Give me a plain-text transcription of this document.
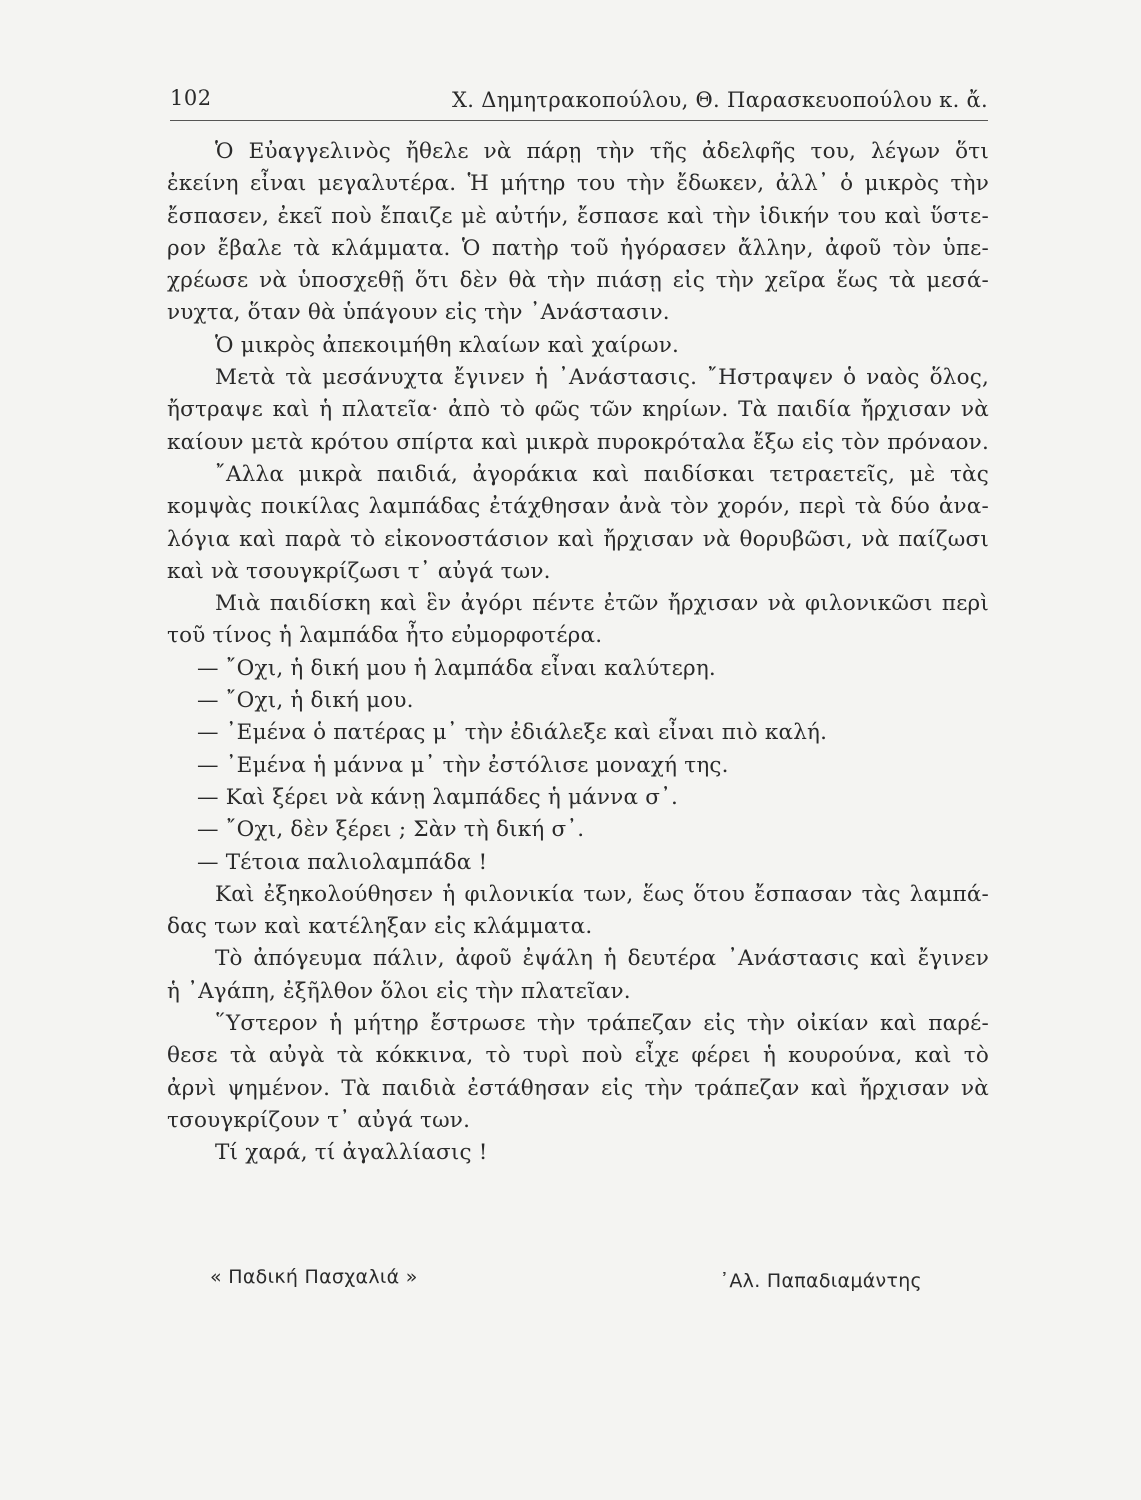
102	Χ. Δημητρακοπούλου, Θ. Παρασκευοπούλου κ. ἄ.
Ὁ Εὐαγγελινὸς ἤθελε νὰ πάρῃ τὴν τῆς ἀδελφῆς του, λέγων ὅτι
ἐκείνη εἶναι μεγαλυτέρα. Ἡ μήτηρ του τὴν ἔδωκεν, ἀλλ᾽ ὁ μικρὸς τὴν
ἔσπασεν, ἐκεῖ ποὺ ἔπαιζε μὲ αὐτήν, ἔσπασε καὶ τὴν ἰδικήν του καὶ ὕστε-
ρον ἔβαλε τὰ κλάμματα. Ὁ πατὴρ τοῦ ἠγόρασεν ἄλλην, ἀφοῦ τὸν ὑπε-
χρέωσε νὰ ὑποσχεθῇ ὅτι δὲν θὰ τὴν πιάσῃ εἰς τὴν χεῖρα ἕως τὰ μεσά-
νυχτα, ὅταν θὰ ὑπάγουν εἰς τὴν ᾽Ανάστασιν.
Ὁ μικρὸς ἀπεκοιμήθη κλαίων καὶ χαίρων.
Μετὰ τὰ μεσάνυχτα ἔγινεν ἡ ᾽Ανάστασις. ῎Ηστραψεν ὁ ναὸς ὅλος,
ἤστραψε καὶ ἡ πλατεῖα· ἀπὸ τὸ φῶς τῶν κηρίων. Τὰ παιδία ἤρχισαν νὰ
καίουν μετὰ κρότου σπίρτα καὶ μικρὰ πυροκρόταλα ἔξω εἰς τὸν πρόναον.
῎Αλλα μικρὰ παιδιά, ἀγοράκια καὶ παιδίσκαι τετραετεῖς, μὲ τὰς
κομψὰς ποικίλας λαμπάδας ἐτάχθησαν ἀνὰ τὸν χορόν, περὶ τὰ δύο ἀνα-
λόγια καὶ παρὰ τὸ εἰκονοστάσιον καὶ ἤρχισαν νὰ θορυβῶσι, νὰ παίζωσι
καὶ νὰ τσουγκρίζωσι τ᾽ αὐγά των.
Μιὰ παιδίσκη καὶ ἓν ἀγόρι πέντε ἐτῶν ἤρχισαν νὰ φιλονικῶσι περὶ
τοῦ τίνος ἡ λαμπάδα ἦτο εὐμορφοτέρα.
— ῎Οχι, ἡ δική μου ἡ λαμπάδα εἶναι καλύτερη.
— ῎Οχι, ἡ δική μου.
— ᾽Εμένα ὁ πατέρας μ᾽ τὴν ἐδιάλεξε καὶ εἶναι πιὸ καλή.
— ᾽Εμένα ἡ μάννα μ᾽ τὴν ἐστόλισε μοναχή της.
— Καὶ ξέρει νὰ κάνῃ λαμπάδες ἡ μάννα σ᾽.
— ῎Οχι, δὲν ξέρει ; Σὰν τὴ δική σ᾽.
— Τέτοια παλιολαμπάδα !
Καὶ ἐξηκολούθησεν ἡ φιλονικία των, ἕως ὅτου ἔσπασαν τὰς λαμπά-
δας των καὶ κατέληξαν εἰς κλάμματα.
Τὸ ἀπόγευμα πάλιν, ἀφοῦ ἐψάλη ἡ δευτέρα ᾽Ανάστασις καὶ ἔγινεν
ἡ ᾽Αγάπη, ἐξῆλθον ὅλοι εἰς τὴν πλατεῖαν.
῞Υστερον ἡ μήτηρ ἔστρωσε τὴν τράπεζαν εἰς τὴν οἰκίαν καὶ παρέ-
θεσε τὰ αὐγὰ τὰ κόκκινα, τὸ τυρὶ ποὺ εἶχε φέρει ἡ κουρούνα, καὶ τὸ
ἀρνὶ ψημένον. Τὰ παιδιὰ ἐστάθησαν εἰς τὴν τράπεζαν καὶ ἤρχισαν νὰ
τσουγκρίζουν τ᾽ αὐγά των.
Τί χαρά, τί ἀγαλλίασις !
« Παδική Πασχαλιά »	᾽Αλ. Παπαδιαμάντης
